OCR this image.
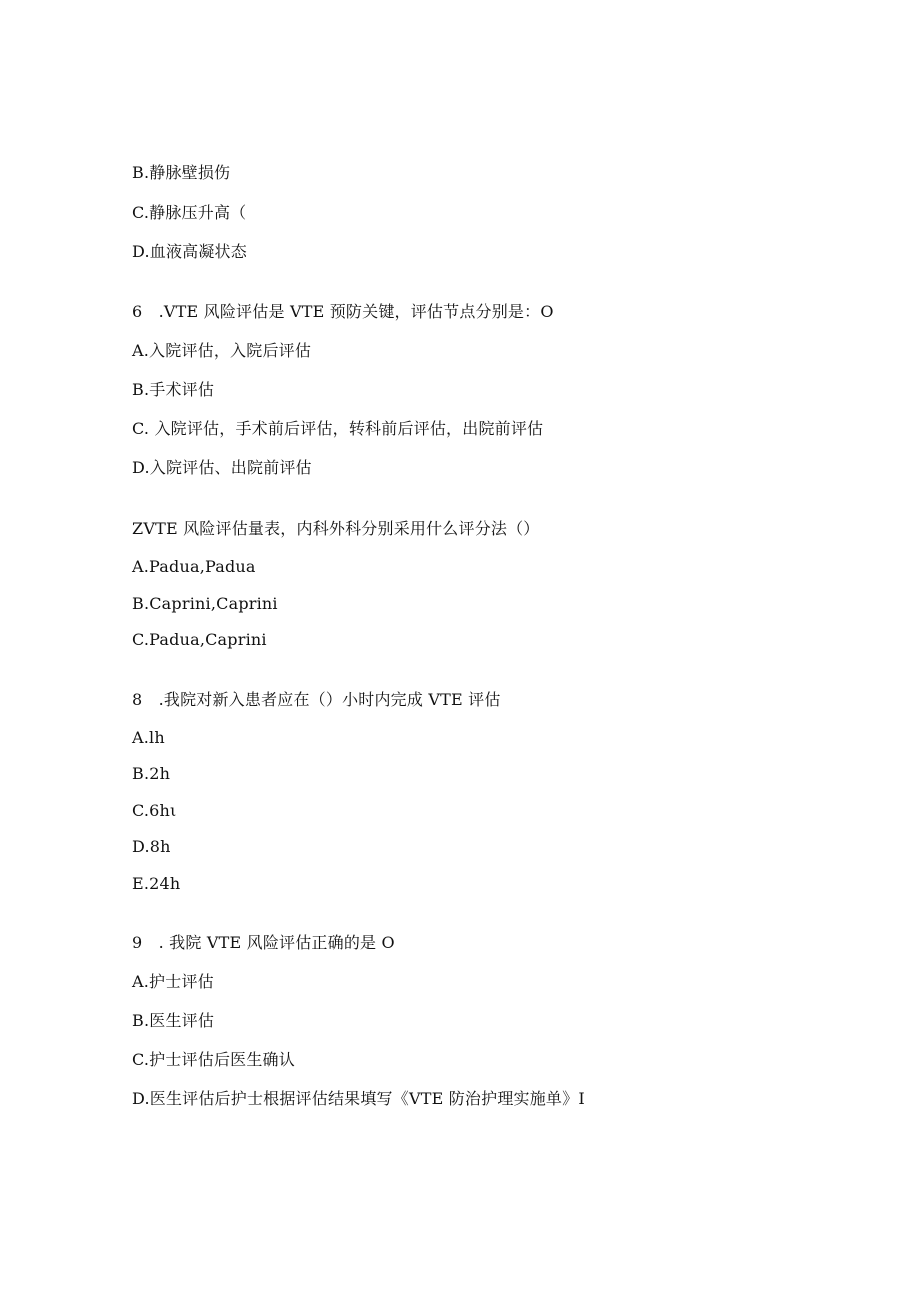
B.静脉壁损伤
C.静脉压升高（
D.血液高凝状态
6　.VTE 风险评估是 VTE 预防关键，评估节点分别是：O
A.入院评估，入院后评估
B.手术评估
C. 入院评估，手术前后评估，转科前后评估，出院前评估
D.入院评估、出院前评估
ZVTE 风险评估量表，内科外科分别采用什么评分法（）
A.Padua,Padua
B.Caprini,Caprini
C.Padua,Caprini
8　.我院对新入患者应在（）小时内完成 VTE 评估
A.lh
B.2h
C.6hι
D.8h
E.24h
9　. 我院 VTE 风险评估正确的是 O
A.护士评估
B.医生评估
C.护士评估后医生确认
D.医生评估后护士根据评估结果填写《VTE 防治护理实施单》I
